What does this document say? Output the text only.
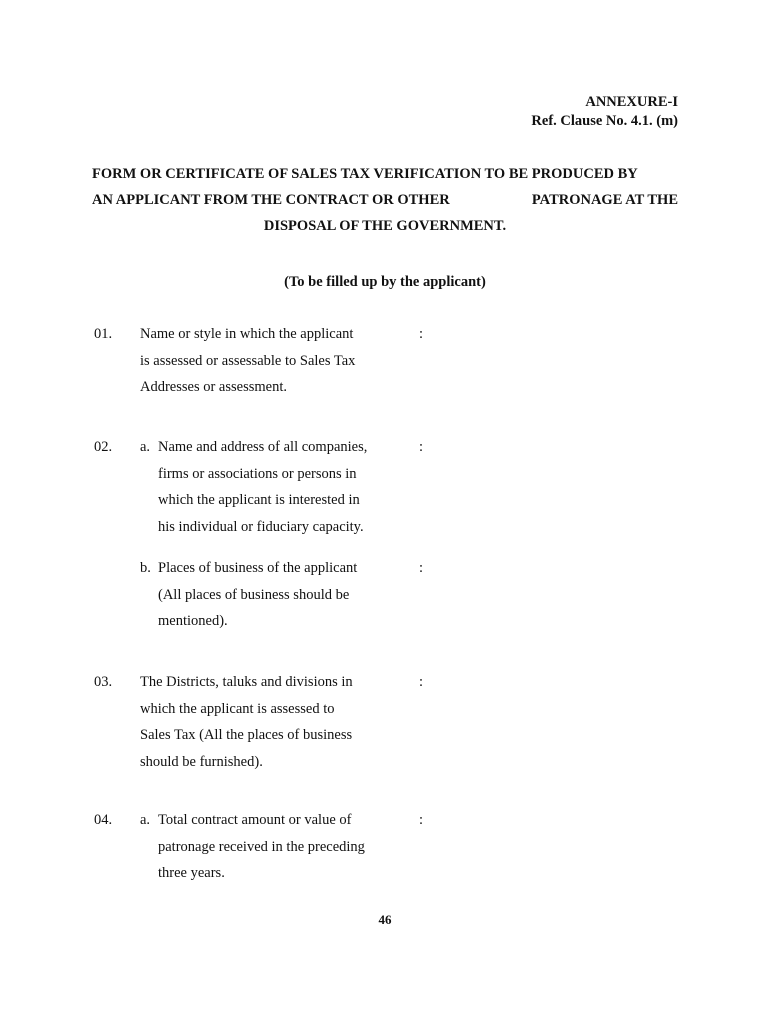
ANNEXURE-I
Ref. Clause No. 4.1. (m)
FORM OR CERTIFICATE OF SALES TAX VERIFICATION TO BE PRODUCED BY
AN APPLICANT FROM THE CONTRACT OR OTHER	PATRONAGE AT THE
DISPOSAL OF THE GOVERNMENT.
(To be filled up by the applicant)
01.	Name or style in which the applicant
is assessed or assessable to Sales Tax
Addresses or assessment.
:
02.	a. Name and address of all companies,
firms or associations or persons in
which the applicant is interested in
his individual or fiduciary capacity.
:
b. Places of business of the applicant
(All places of business should be
mentioned).
:
03.	The Districts, taluks and divisions in
which the applicant is assessed to
Sales Tax (All the places of business
should be furnished).
:
04.	a. Total contract amount or value of
patronage received in the preceding
three years.
:
46
